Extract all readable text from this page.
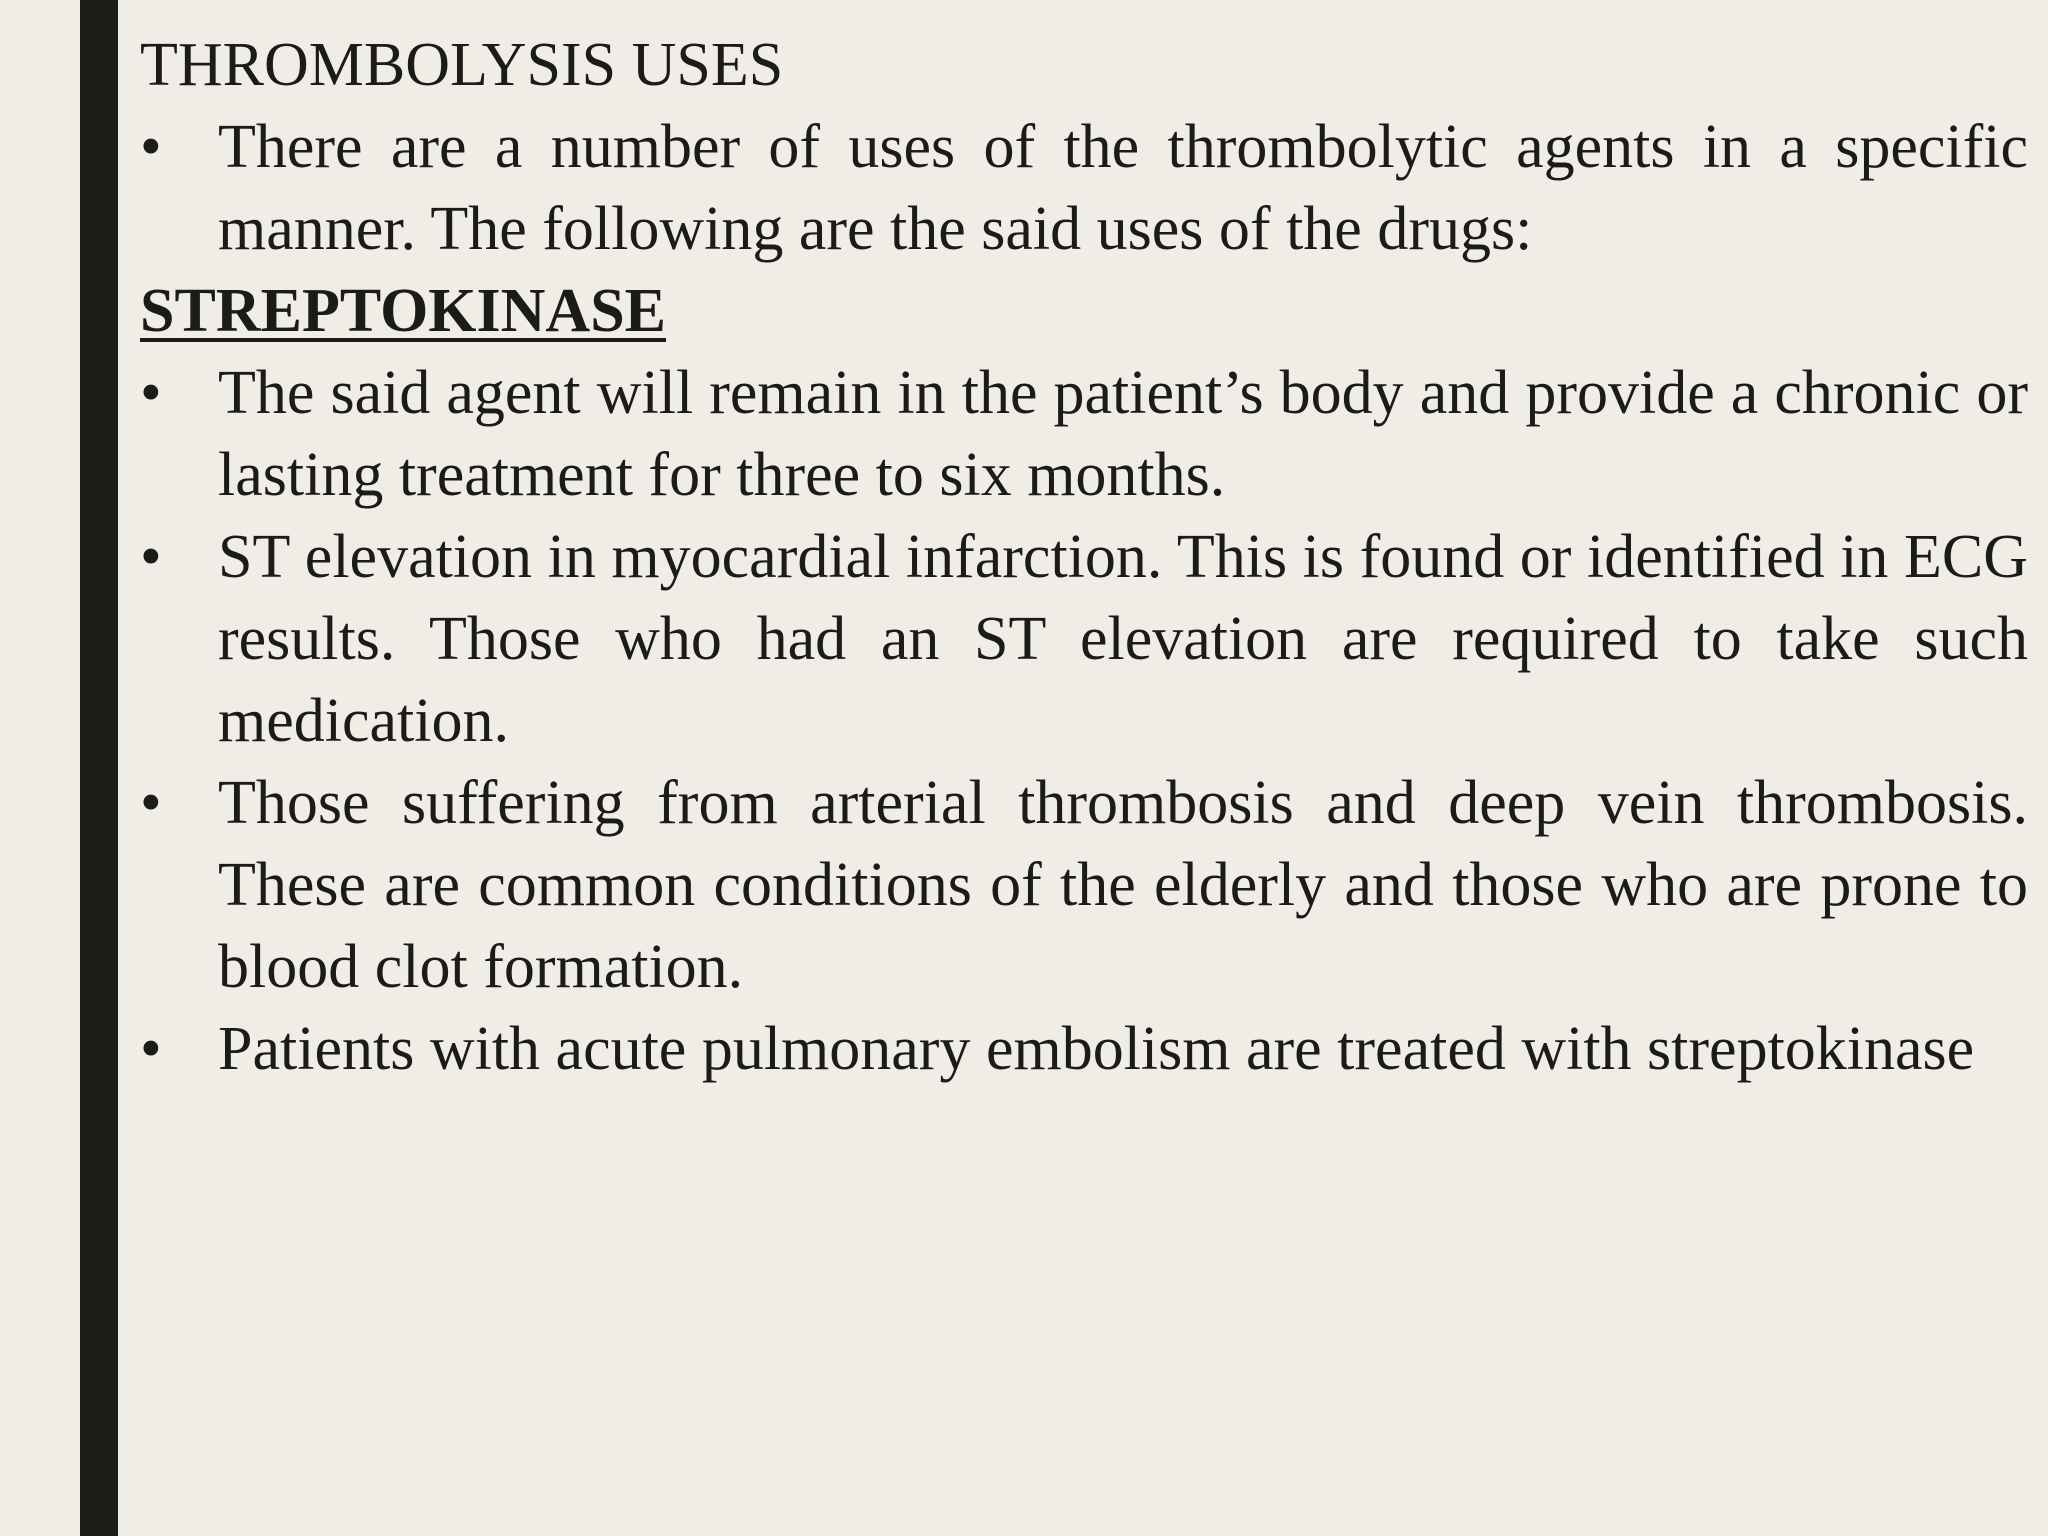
THROMBOLYSIS USES
• There are a number of uses of the thrombolytic agents in a specific manner. The following are the said uses of the drugs:
STREPTOKINASE
• The said agent will remain in the patient’s body and provide a chronic or lasting treatment for three to six months.
• ST elevation in myocardial infarction. This is found or identified in ECG results. Those who had an ST elevation are required to take such medication.
• Those suffering from arterial thrombosis and deep vein thrombosis. These are common conditions of the elderly and those who are prone to blood clot formation.
• Patients with acute pulmonary embolism are treated with streptokinase
